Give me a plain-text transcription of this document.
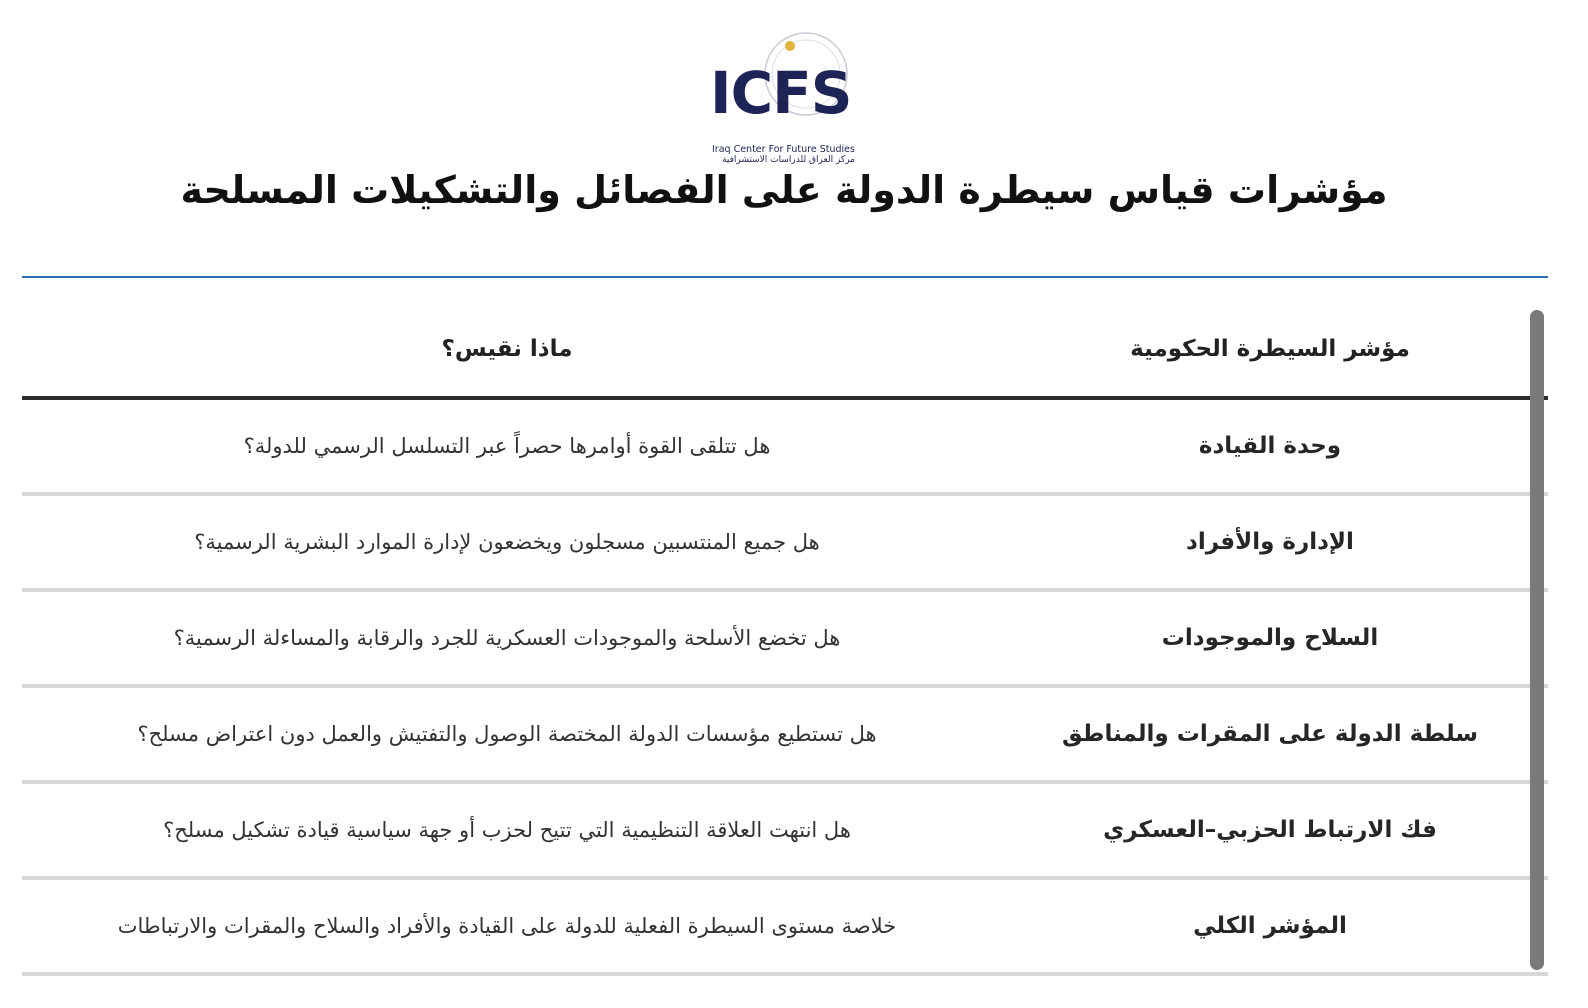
ICFS
Iraq Center For Future Studies
مركز العراق للدراسات الاستشرافية
مؤشرات قياس سيطرة الدولة على الفصائل والتشكيلات المسلحة
مؤشر السيطرة الحكومية
ماذا نقيس؟
وحدة القيادة
هل تتلقى القوة أوامرها حصراً عبر التسلسل الرسمي للدولة؟
الإدارة والأفراد
هل جميع المنتسبين مسجلون ويخضعون لإدارة الموارد البشرية الرسمية؟
السلاح والموجودات
هل تخضع الأسلحة والموجودات العسكرية للجرد والرقابة والمساءلة الرسمية؟
سلطة الدولة على المقرات والمناطق
هل تستطيع مؤسسات الدولة المختصة الوصول والتفتيش والعمل دون اعتراض مسلح؟
فك الارتباط الحزبي–العسكري
هل انتهت العلاقة التنظيمية التي تتيح لحزب أو جهة سياسية قيادة تشكيل مسلح؟
المؤشر الكلي
خلاصة مستوى السيطرة الفعلية للدولة على القيادة والأفراد والسلاح والمقرات والارتباطات
